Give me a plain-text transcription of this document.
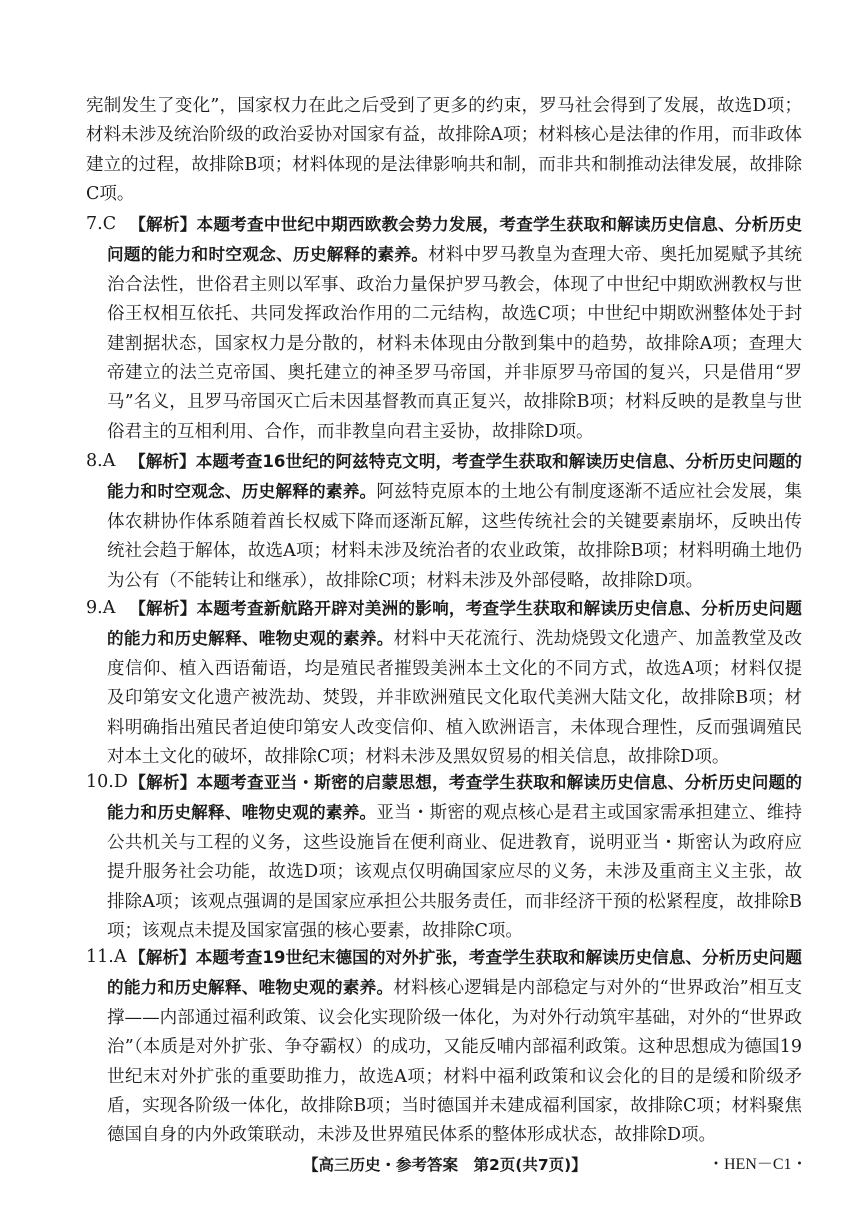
宪制发生了变化”，国家权力在此之后受到了更多的约束，罗马社会得到了发展，故选D项；材料未涉及统治阶级的政治妥协对国家有益，故排除A项；材料核心是法律的作用，而非政体建立的过程，故排除B项；材料体现的是法律影响共和制，而非共和制推动法律发展，故排除C项。

7.C 【解析】本题考查中世纪中期西欧教会势力发展，考查学生获取和解读历史信息、分析历史问题的能力和时空观念、历史解释的素养。材料中罗马教皇为查理大帝、奥托加冕赋予其统治合法性，世俗君主则以军事、政治力量保护罗马教会，体现了中世纪中期欧洲教权与世俗王权相互依托、共同发挥政治作用的二元结构，故选C项；中世纪中期欧洲整体处于封建割据状态，国家权力是分散的，材料未体现由分散到集中的趋势，故排除A项；查理大帝建立的法兰克帝国、奥托建立的神圣罗马帝国，并非原罗马帝国的复兴，只是借用“罗马”名义，且罗马帝国灭亡后未因基督教而真正复兴，故排除B项；材料反映的是教皇与世俗君主的互相利用、合作，而非教皇向君主妥协，故排除D项。
8.A 【解析】本题考查16世纪的阿兹特克文明，考查学生获取和解读历史信息、分析历史问题的能力和时空观念、历史解释的素养。阿兹特克原本的土地公有制度逐渐不适应社会发展，集体农耕协作体系随着酋长权威下降而逐渐瓦解，这些传统社会的关键要素崩坏，反映出传统社会趋于解体，故选A项；材料未涉及统治者的农业政策，故排除B项；材料明确土地仍为公有（不能转让和继承），故排除C项；材料未涉及外部侵略，故排除D项。
9.A 【解析】本题考查新航路开辟对美洲的影响，考查学生获取和解读历史信息、分析历史问题的能力和历史解释、唯物史观的素养。材料中天花流行、洗劫烧毁文化遗产、加盖教堂及改度信仰、植入西语葡语，均是殖民者摧毁美洲本土文化的不同方式，故选A项；材料仅提及印第安文化遗产被洗劫、焚毁，并非欧洲殖民文化取代美洲大陆文化，故排除B项；材料明确指出殖民者迫使印第安人改变信仰、植入欧洲语言，未体现合理性，反而强调殖民对本土文化的破坏，故排除C项；材料未涉及黑奴贸易的相关信息，故排除D项。
10.D 【解析】本题考查亚当・斯密的启蒙思想，考查学生获取和解读历史信息、分析历史问题的能力和历史解释、唯物史观的素养。亚当・斯密的观点核心是君主或国家需承担建立、维持公共机关与工程的义务，这些设施旨在便利商业、促进教育，说明亚当・斯密认为政府应提升服务社会功能，故选D项；该观点仅明确国家应尽的义务，未涉及重商主义主张，故排除A项；该观点强调的是国家应承担公共服务责任，而非经济干预的松紧程度，故排除B项；该观点未提及国家富强的核心要素，故排除C项。
11.A 【解析】本题考查19世纪末德国的对外扩张，考查学生获取和解读历史信息、分析历史问题的能力和历史解释、唯物史观的素养。材料核心逻辑是内部稳定与对外的“世界政治”相互支撑——内部通过福利政策、议会化实现阶级一体化，为对外行动筑牢基础，对外的“世界政治”（本质是对外扩张、争夺霸权）的成功，又能反哺内部福利政策。这种思想成为德国19世纪末对外扩张的重要助推力，故选A项；材料中福利政策和议会化的目的是缓和阶级矛盾，实现各阶级一体化，故排除B项；当时德国并未建成福利国家，故排除C项；材料聚焦德国自身的内外政策联动，未涉及世界殖民体系的整体形成状态，故排除D项。
【高三历史・参考答案　第2页(共7页)】	・HEN－C1・
